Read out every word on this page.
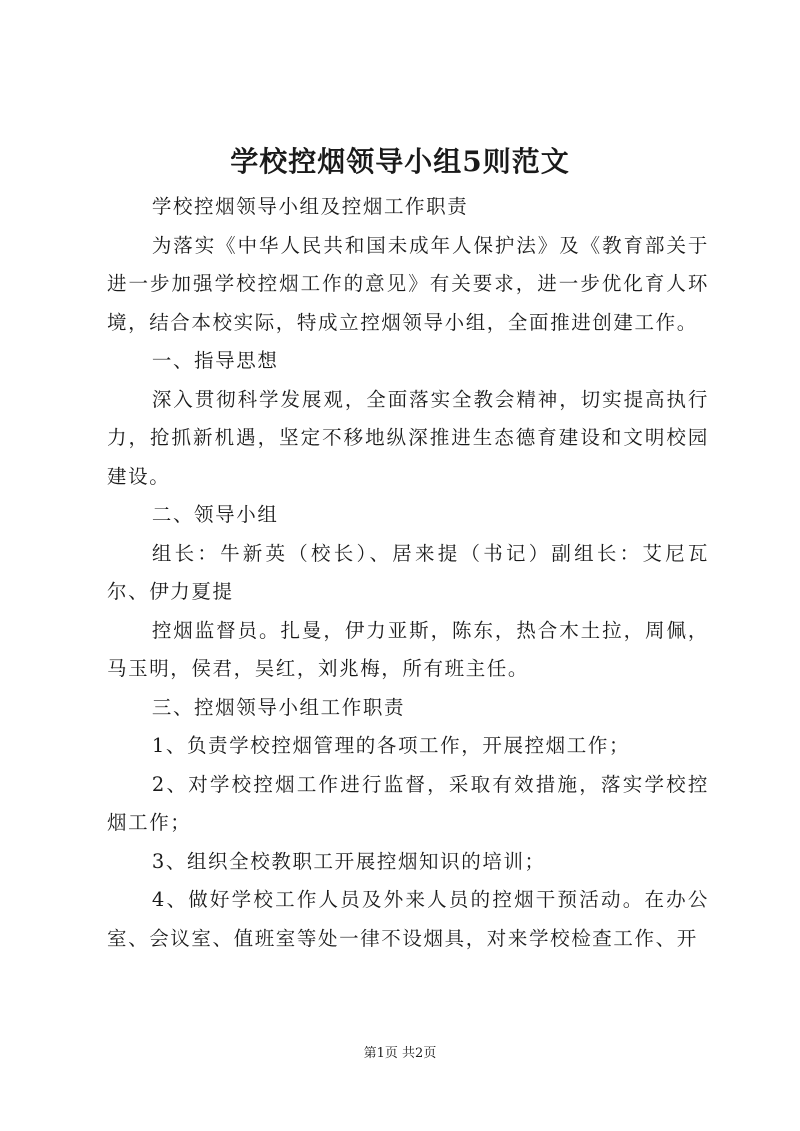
学校控烟领导小组5则范文

学校控烟领导小组及控烟工作职责

为落实《中华人民共和国未成年人保护法》及《教育部关于进一步加强学校控烟工作的意见》有关要求，进一步优化育人环境，结合本校实际，特成立控烟领导小组，全面推进创建工作。

一、指导思想

深入贯彻科学发展观，全面落实全教会精神，切实提高执行力，抢抓新机遇，坚定不移地纵深推进生态德育建设和文明校园建设。

二、领导小组

组长：牛新英（校长）、居来提（书记）副组长：艾尼瓦尔、伊力夏提

控烟监督员。扎曼，伊力亚斯，陈东，热合木土拉，周佩，马玉明，侯君，吴红，刘兆梅，所有班主任。

三、控烟领导小组工作职责

1、负责学校控烟管理的各项工作，开展控烟工作；

2、对学校控烟工作进行监督，采取有效措施，落实学校控烟工作；

3、组织全校教职工开展控烟知识的培训；

4、做好学校工作人员及外来人员的控烟干预活动。在办公室、会议室、值班室等处一律不设烟具，对来学校检查工作、开

第1页 共2页
